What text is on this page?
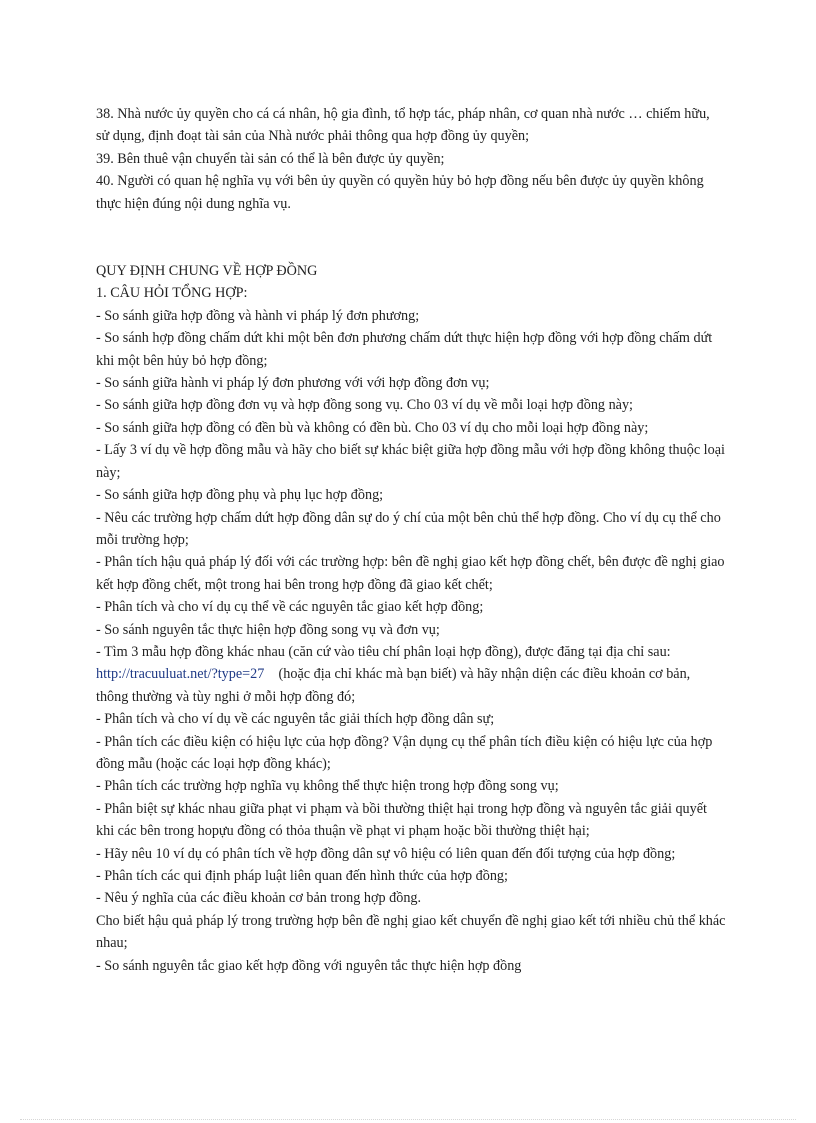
38. Nhà nước ủy quyền cho cá cá nhân, hộ gia đình, tổ hợp tác, pháp nhân, cơ quan nhà nước … chiếm hữu, sử dụng, định đoạt tài sản của Nhà nước phải thông qua hợp đồng ủy quyền;

39. Bên thuê vận chuyển tài sản có thể là bên được ủy quyền;

40. Người có quan hệ nghĩa vụ với bên ủy quyền có quyền hủy bỏ hợp đồng nếu bên được ủy quyền không thực hiện đúng nội dung nghĩa vụ.

QUY ĐỊNH CHUNG VỀ HỢP ĐỒNG

1. CÂU HỎI TỔNG HỢP:

- So sánh giữa hợp đồng và hành vi pháp lý đơn phương;

- So sánh hợp đồng chấm dứt khi một bên đơn phương chấm dứt thực hiện hợp đồng với hợp đồng chấm dứt khi một bên hủy bỏ hợp đồng;

- So sánh giữa hành vi pháp lý đơn phương với với hợp đồng đơn vụ;

- So sánh giữa hợp đồng đơn vụ và hợp đồng song vụ. Cho 03 ví dụ về mỗi loại hợp đồng này;

- So sánh giữa hợp đồng có đền bù và không có đền bù. Cho 03 ví dụ cho mỗi loại hợp đồng này;

- Lấy 3 ví dụ về hợp đồng mẫu và hãy cho biết sự khác biệt giữa hợp đồng mẫu với hợp đồng không thuộc loại này;

- So sánh giữa hợp đồng phụ và phụ lục hợp đồng;

- Nêu các trường hợp chấm dứt hợp đồng dân sự do ý chí của một bên chủ thể hợp đồng. Cho ví dụ cụ thể cho mỗi trường hợp;

- Phân tích hậu quả pháp lý đối với các trường hợp: bên đề nghị giao kết hợp đồng chết, bên được đề nghị giao kết hợp đồng chết, một trong hai bên trong hợp đồng đã giao kết chết;

- Phân tích và cho ví dụ cụ thể về các nguyên tắc giao kết hợp đồng;

- So sánh nguyên tắc thực hiện hợp đồng song vụ và đơn vụ;

- Tìm 3 mẫu hợp đồng khác nhau (căn cứ vào tiêu chí phân loại hợp đồng), được đăng tại địa chỉ sau: http://tracuuluat.net/?type=27    (hoặc địa chỉ khác mà bạn biết) và hãy nhận diện các điều khoản cơ bản, thông thường và tùy nghi ở mỗi hợp đồng đó;

- Phân tích và cho ví dụ về các nguyên tắc giải thích hợp đồng dân sự;

- Phân tích các điều kiện có hiệu lực của hợp đồng? Vận dụng cụ thể phân tích điều kiện có hiệu lực của hợp đồng mẫu (hoặc các loại hợp đồng khác);

- Phân tích các trường hợp nghĩa vụ không thể thực hiện trong hợp đồng song vụ;

- Phân biệt sự khác nhau giữa phạt vi phạm và bồi thường thiệt hại trong hợp đồng và nguyên tắc giải quyết khi các bên trong hopựu đồng có thỏa thuận về phạt vi phạm hoặc bồi thường thiệt hại;

- Hãy nêu 10 ví dụ có phân tích về hợp đồng dân sự vô hiệu có liên quan đến đối tượng của hợp đồng;

- Phân tích các qui định pháp luật liên quan đến hình thức của hợp đồng;

- Nêu ý nghĩa của các điều khoản cơ bản trong hợp đồng.

Cho biết hậu quả pháp lý trong trường hợp bên đề nghị giao kết chuyển đề nghị giao kết tới nhiều chủ thể khác nhau;

- So sánh nguyên tắc giao kết hợp đồng với nguyên tắc thực hiện hợp đồng
